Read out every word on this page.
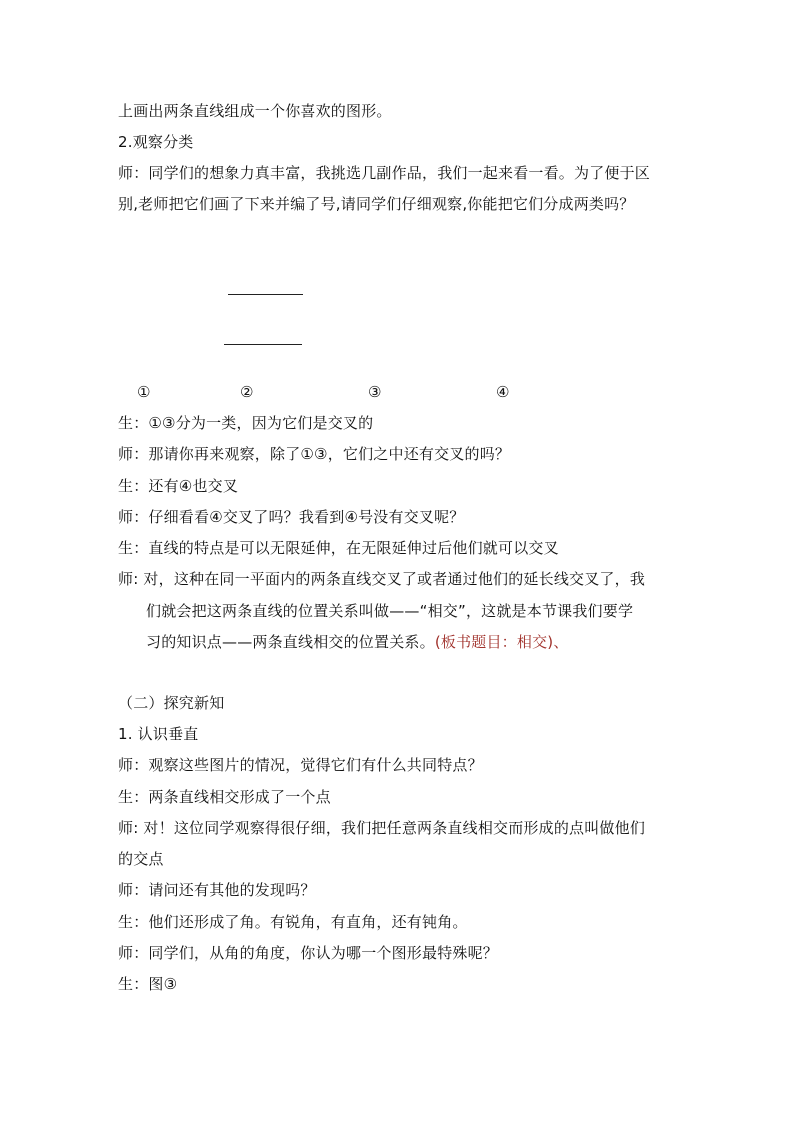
上画出两条直线组成一个你喜欢的图形。
2.观察分类
师：同学们的想象力真丰富，我挑选几副作品，我们一起来看一看。为了便于区
别,老师把它们画了下来并编了号,请同学们仔细观察,你能把它们分成两类吗？
①	②	③	④
生：①③分为一类，因为它们是交叉的
师：那请你再来观察，除了①③，它们之中还有交叉的吗？
生：还有④也交叉
师：仔细看看④交叉了吗？我看到④号没有交叉呢？
生：直线的特点是可以无限延伸，在无限延伸过后他们就可以交叉
师: 对，这种在同一平面内的两条直线交叉了或者通过他们的延长线交叉了，我
们就会把这两条直线的位置关系叫做——“相交”，这就是本节课我们要学
习的知识点——两条直线相交的位置关系。(板书题目：相交)、
（二）探究新知
1. 认识垂直
师：观察这些图片的情况，觉得它们有什么共同特点？
生：两条直线相交形成了一个点
师: 对！这位同学观察得很仔细，我们把任意两条直线相交而形成的点叫做他们
的交点
师：请问还有其他的发现吗？
生：他们还形成了角。有锐角，有直角，还有钝角。
师：同学们，从角的角度，你认为哪一个图形最特殊呢？
生：图③
